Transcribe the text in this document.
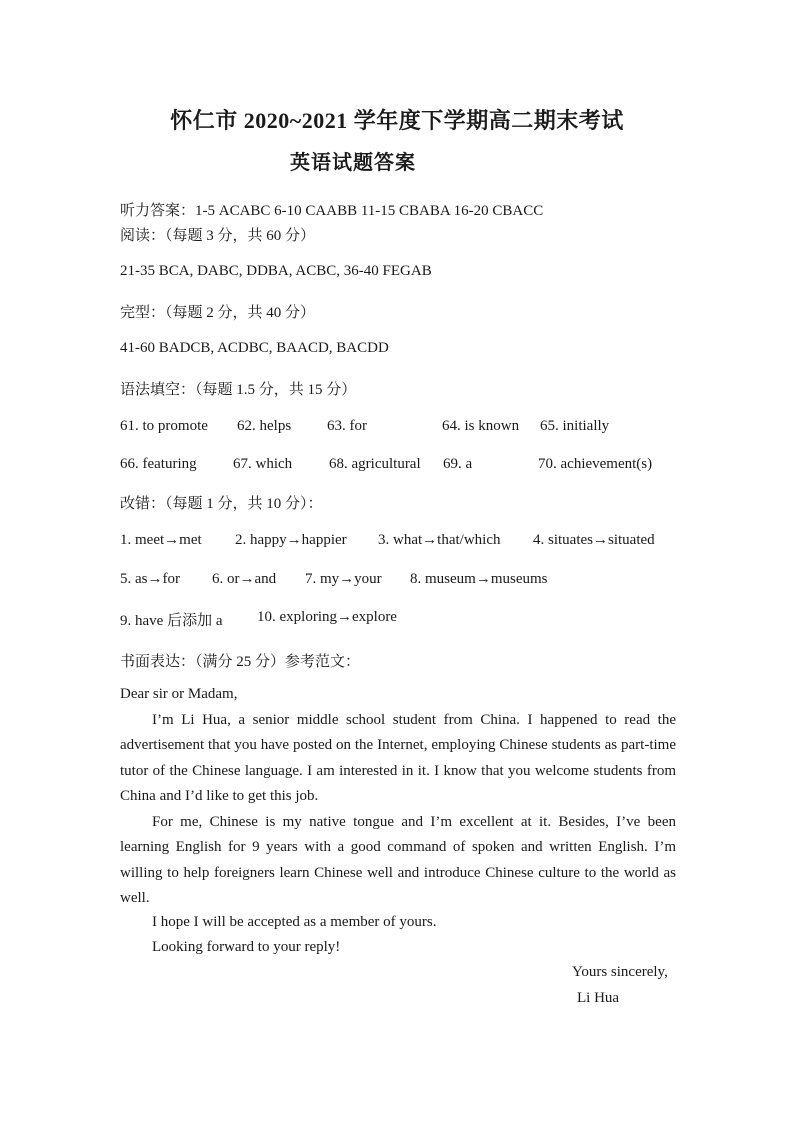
怀仁市 2020~2021 学年度下学期高二期末考试
英语试题答案
听力答案：1-5 ACABC 6-10 CAABB 11-15 CBABA 16-20 CBACC
阅读：（每题 3 分，共 60 分）
21-35 BCA, DABC, DDBA, ACBC, 36-40 FEGAB
完型：（每题 2 分，共 40 分）
41-60 BADCB, ACDBC, BAACD, BACDD
语法填空：（每题 1.5 分，共 15 分）
61. to promote 62. helps 63. for	64. is known 65. initially
66. featuring 67. which 68. agricultural 69. a	70. achievement(s)
改错：（每题 1 分，共 10 分）：
1. meet→met 2. happy→happier 3. what→that/which 4. situates→situated
5. as→for 6. or→and 7. my→your 8. museum→museums
9. have 后添加 a 10. exploring→explore
书面表达：（满分 25 分）参考范文：
Dear sir or Madam,
I’m Li Hua, a senior middle school student from China. I happened to read the advertisement that you have posted on the Internet, employing Chinese students as part-time tutor of the Chinese language. I am interested in it. I know that you welcome students from China and I’d like to get this job.
For me, Chinese is my native tongue and I’m excellent at it. Besides, I’ve been learning English for 9 years with a good command of spoken and written English. I’m willing to help foreigners learn Chinese well and introduce Chinese culture to the world as well.
I hope I will be accepted as a member of yours.
Looking forward to your reply!
Yours sincerely,
Li Hua
